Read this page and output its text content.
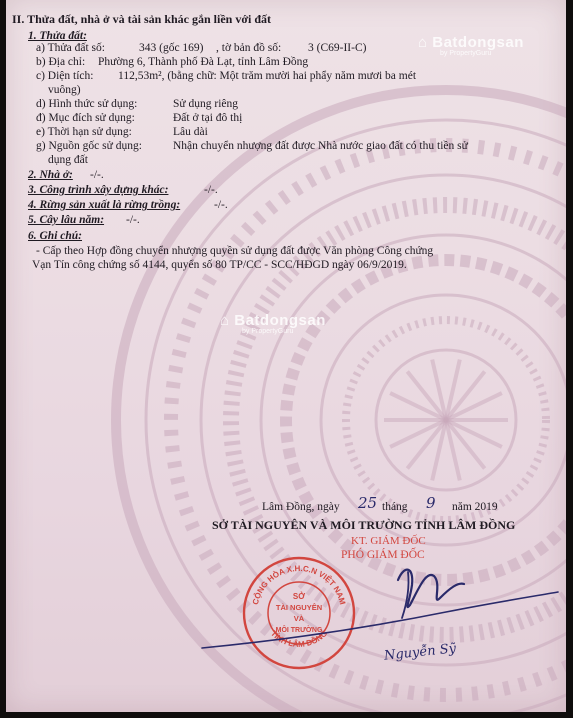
⌂ Batdongsan
by PropertyGuru
⌂ Batdongsan
by PropertyGuru
II. Thửa đất, nhà ở và tài sản khác gắn liền với đất
1. Thửa đất:
a) Thửa đất số:	343 (gốc 169) , tờ bản đồ số: 3 (C69-II-C)
b) Địa chỉ: Phường 6, Thành phố Đà Lạt, tỉnh Lâm Đồng
c) Diện tích: 112,53m², (bằng chữ: Một trăm mười hai phẩy năm mươi ba mét
vuông)
d) Hình thức sử dụng:	Sử dụng riêng
đ) Mục đích sử dụng:	Đất ở tại đô thị
e) Thời hạn sử dụng:	Lâu dài
g) Nguồn gốc sử dụng:	Nhận chuyển nhượng đất được Nhà nước giao đất có thu tiền sử
dụng đất
2. Nhà ở: -/-.
3. Công trình xây dựng khác:	-/-.
4. Rừng sản xuất là rừng trồng:	-/-.
5. Cây lâu năm: -/-.
6. Ghi chú:
- Cấp theo Hợp đồng chuyển nhượng quyền sử dụng đất được Văn phòng Công chứng
Vạn Tín công chứng số 4144, quyển số 80 TP/CC - SCC/HĐGD ngày 06/9/2019.
Lâm Đồng, ngày 25 tháng 9 năm 2019
SỞ TÀI NGUYÊN VÀ MÔI TRƯỜNG TỈNH LÂM ĐỒNG
KT. GIÁM ĐỐC
PHÓ GIÁM ĐỐC
CỘNG HÒA X.H.C.N VIỆT NAM
TỈNH LÂM ĐỒNG
SỞ
TÀI NGUYÊN
VÀ
MÔI TRƯỜNG
Nguyễn Sỹ
